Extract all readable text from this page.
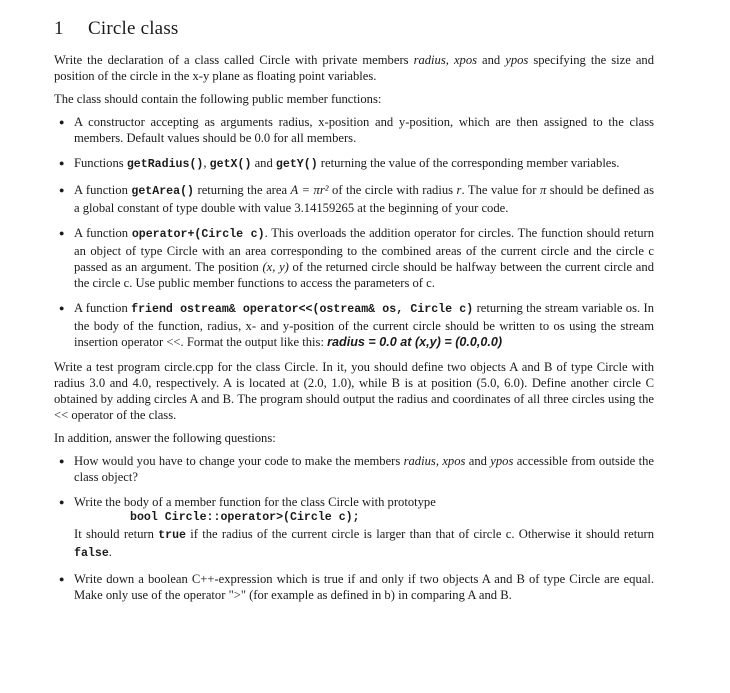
1 Circle class

Write the declaration of a class called Circle with private members radius, xpos and ypos specifying the size and position of the circle in the x-y plane as floating point variables.

The class should contain the following public member functions:

● A constructor accepting as arguments radius, x-position and y-position, which are then assigned to the class members. Default values should be 0.0 for all members.
● Functions getRadius(), getX() and getY() returning the value of the corresponding member variables.
● A function getArea() returning the area A = πr² of the circle with radius r. The value for π should be defined as a global constant of type double with value 3.14159265 at the beginning of your code.
● A function operator+(Circle c). This overloads the addition operator for circles. The function should return an object of type Circle with an area corresponding to the combined areas of the current circle and the circle c passed as an argument. The position (x, y) of the returned circle should be halfway between the current circle and the circle c. Use public member functions to access the parameters of c.
● A function friend ostream& operator<<(ostream& os, Circle c) returning the stream variable os. In the body of the function, radius, x- and y-position of the current circle should be written to os using the stream insertion operator <<. Format the output like this: radius = 0.0 at (x,y) = (0.0,0.0)

Write a test program circle.cpp for the class Circle. In it, you should define two objects A and B of type Circle with radius 3.0 and 4.0, respectively. A is located at (2.0, 1.0), while B is at position (5.0, 6.0). Define another circle C obtained by adding circles A and B. The program should output the radius and coordinates of all three circles using the << operator of the class.

In addition, answer the following questions:

● How would you have to change your code to make the members radius, xpos and ypos accessible from outside the class object?
● Write the body of a member function for the class Circle with prototype
bool Circle::operator>(Circle c);
It should return true if the radius of the current circle is larger than that of circle c. Otherwise it should return false.
● Write down a boolean C++-expression which is true if and only if two objects A and B of type Circle are equal. Make only use of the operator ">" (for example as defined in b) in comparing A and B.
